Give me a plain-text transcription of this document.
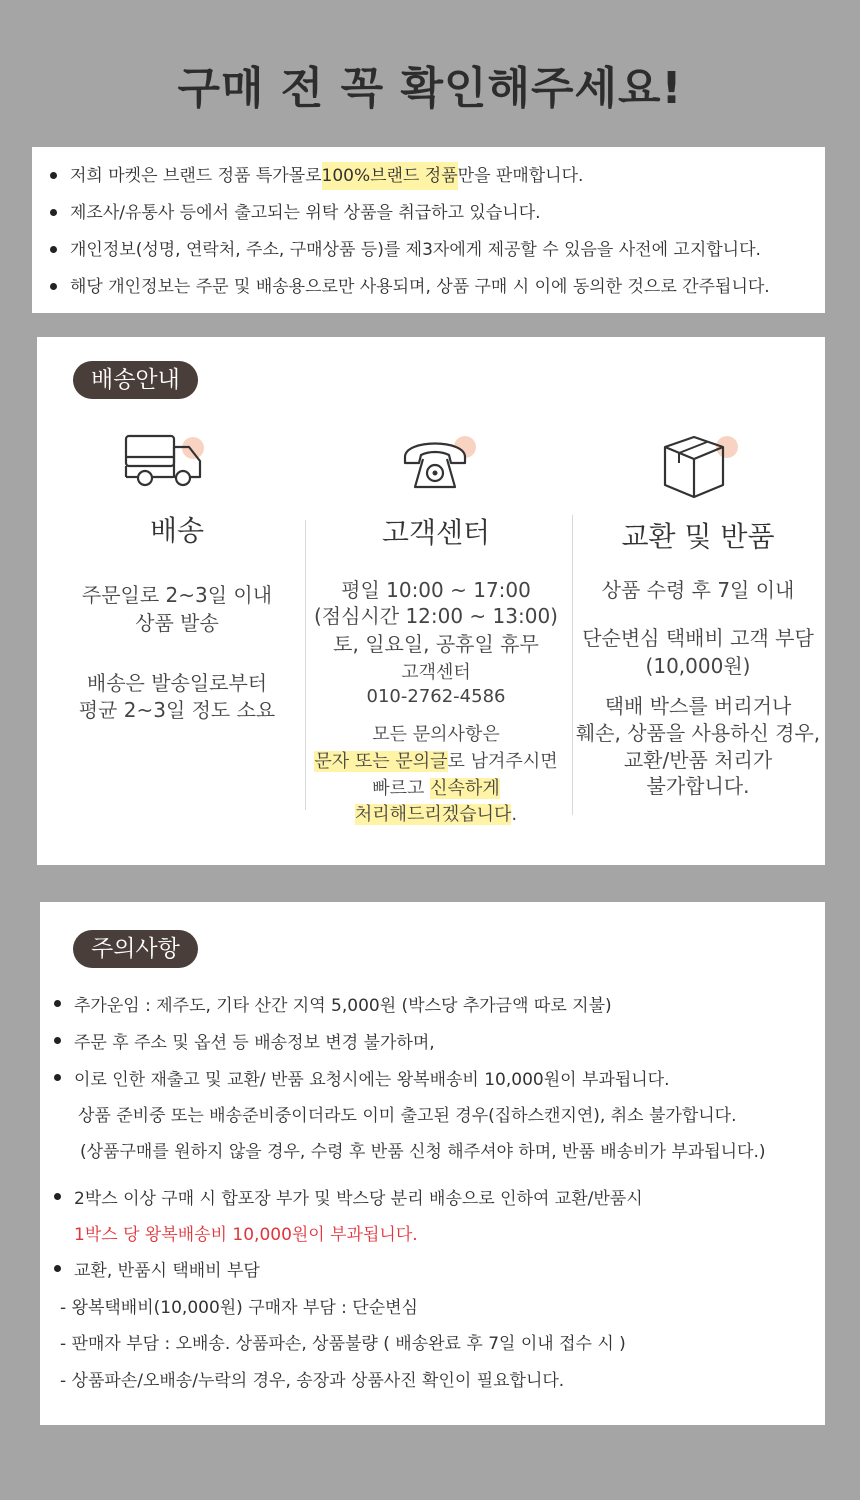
구매 전 꼭 확인해주세요!
저희 마켓은 브랜드 정품 특가몰로 100%브랜드 정품 만을 판매합니다.
제조사/유통사 등에서 출고되는 위탁 상품을 취급하고 있습니다.
개인정보(성명, 연락처, 주소, 구매상품 등)를 제3자에게 제공할 수 있음을 사전에 고지합니다.
해당 개인정보는 주문 및 배송용으로만 사용되며, 상품 구매 시 이에 동의한 것으로 간주됩니다.
배송안내
배송
주문일로 2~3일 이내
상품 발송
배송은 발송일로부터
평균 2~3일 정도 소요
고객센터
평일 10:00 ~ 17:00
(점심시간 12:00 ~ 13:00)
토, 일요일, 공휴일 휴무
고객센터
010-2762-4586
모든 문의사항은
문자 또는 문의글로 남겨주시면
빠르고 신속하게
처리해드리겠습니다.
교환 및 반품
상품 수령 후 7일 이내
단순변심 택배비 고객 부담
(10,000원)
택배 박스를 버리거나
훼손, 상품을 사용하신 경우,
교환/반품 처리가
불가합니다.
주의사항
추가운임 : 제주도, 기타 산간 지역 5,000원 (박스당 추가금액 따로 지불)
주문 후 주소 및 옵션 등 배송정보 변경 불가하며,
이로 인한 재출고 및 교환/ 반품 요청시에는 왕복배송비 10,000원이 부과됩니다.
상품 준비중 또는 배송준비중이더라도 이미 출고된 경우(집하스캔지연), 취소 불가합니다.
(상품구매를 원하지 않을 경우, 수령 후 반품 신청 해주셔야 하며, 반품 배송비가 부과됩니다.)
2박스 이상 구매 시 합포장 부가 및 박스당 분리 배송으로 인하여 교환/반품시
1박스 당 왕복배송비 10,000원이 부과됩니다.
교환, 반품시 택배비 부담
- 왕복택배비(10,000원) 구매자 부담 : 단순변심
- 판매자 부담 : 오배송. 상품파손, 상품불량 ( 배송완료 후 7일 이내 접수 시 )
- 상품파손/오배송/누락의 경우, 송장과 상품사진 확인이 필요합니다.
